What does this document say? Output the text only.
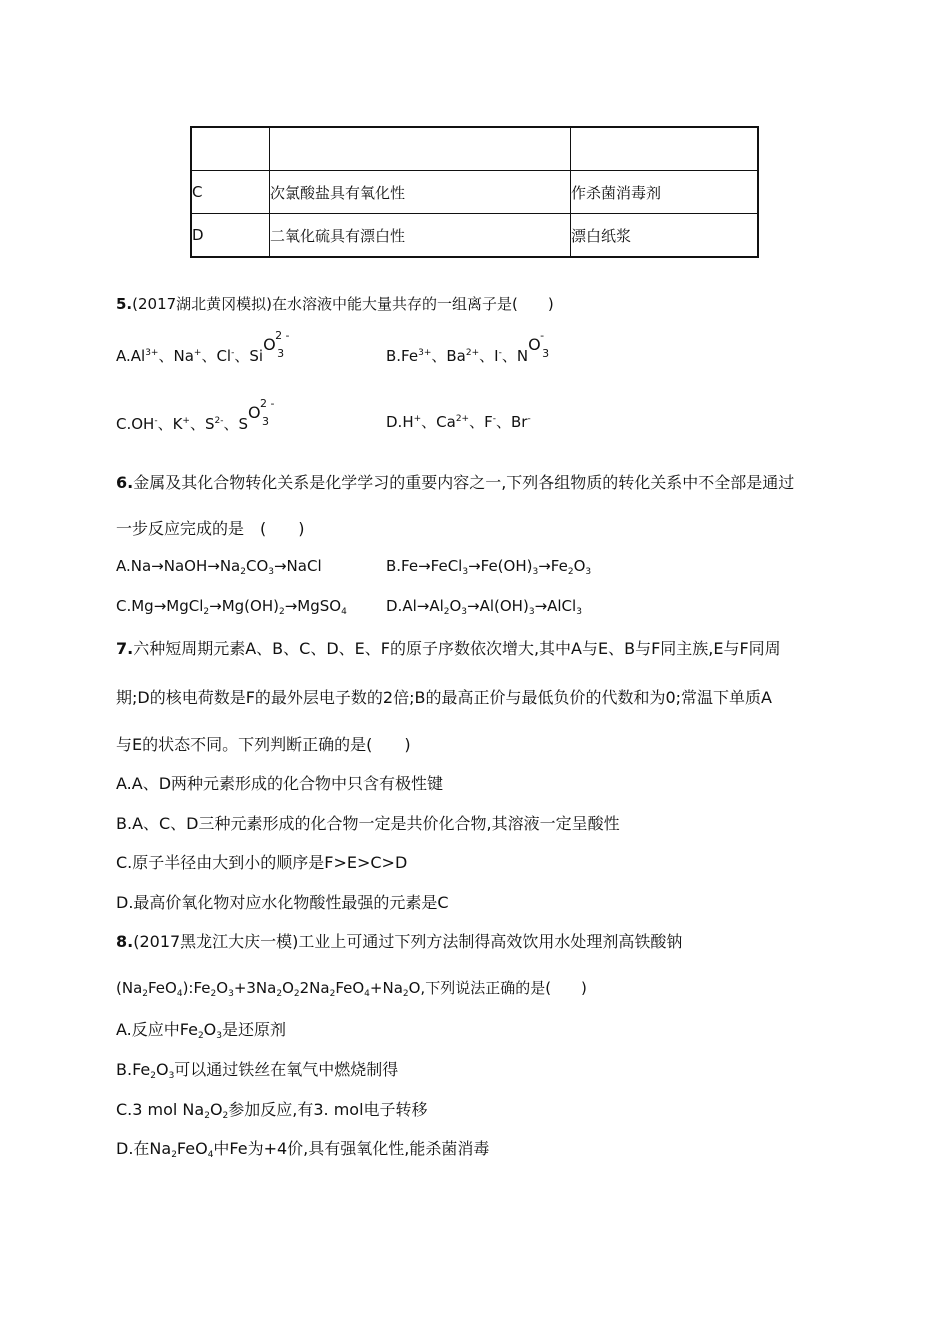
C	次氯酸盐具有氧化性	作杀菌消毒剂
D	二氧化硫具有漂白性	漂白纸浆
5.(2017湖北黄冈模拟)在水溶液中能大量共存的一组离子是(　　)
$A.Al^{3+}$、Na+、Cl-、Si
O 2 -
3	$B.Fe^{3+}$、$Ba^{2+}$、I-、N
O -
3
C.OH-、K+、$S^{2-}$、S
O 2 -
3	D.H+、$Ca^{2+}$、F-、Br-
6.金属及其化合物转化关系是化学学习的重要内容之一,下列各组物质的转化关系中不全部是通过
一步反应完成的是　(　　)
$A.Na\to NaOH\to Na_2CO_3\to NaCl$	$B.Fe\to FeCl_3\to Fe(OH)_3\to Fe_2O_3$
$C.Mg\to MgCl_2\to Mg(OH)_2\to MgSO_4$	$D.Al\to Al_2O_3\to Al(OH)_3\to AlCl_3$
7.六种短周期元素A、B、C、D、E、F的原子序数依次增大,其中A与E、B与F同主族,E与F同周
期;D的核电荷数是F的最外层电子数的2倍;B的最高正价与最低负价的代数和为0;常温下单质A
与E的状态不同。下列判断正确的是(　　)
A.A、D两种元素形成的化合物中只含有极性键
B.A、C、D三种元素形成的化合物一定是共价化合物,其溶液一定呈酸性
C.原子半径由大到小的顺序是F>E>C>D
D.最高价氧化物对应水化物酸性最强的元素是C
8.(2017黑龙江大庆一模)工业上可通过下列方法制得高效饮用水处理剂高铁酸钠
$(Na_2FeO_4):Fe_2O_3+3Na_2O_22Na_2FeO_4+Na_2O$,下列说法正确的是(　　)
A.反应中$Fe_2O_3$是还原剂
$B.Fe_2O_3$可以通过铁丝在氧气中燃烧制得
C.3 mol $Na_2O_2$参加反应,有3. mol电子转移
D.在$Na_2FeO_4$中Fe为+4价,具有强氧化性,能杀菌消毒
